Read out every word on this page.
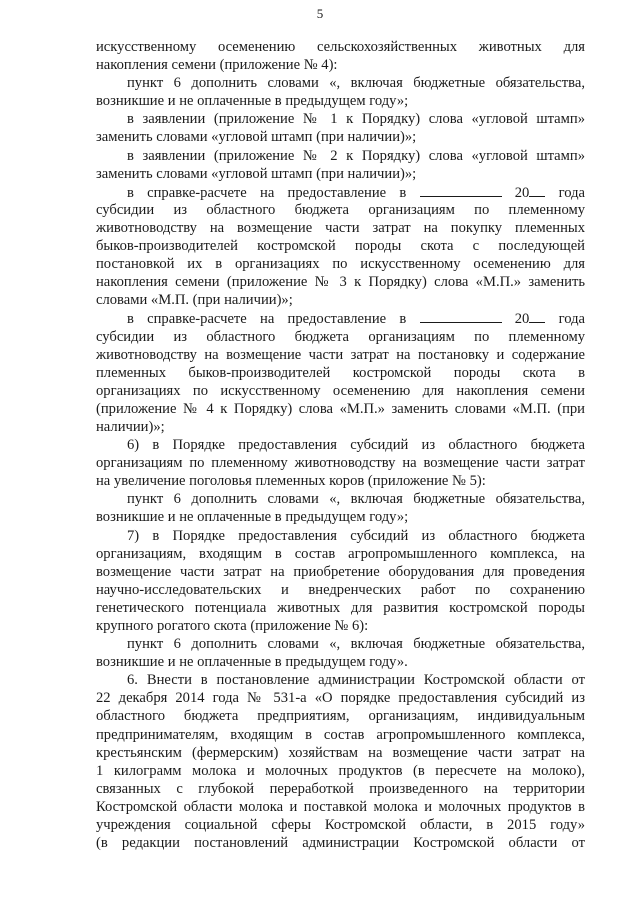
5
искусственному осеменению сельскохозяйственных животных для
накопления семени (приложение № 4):
пункт 6 дополнить словами «, включая бюджетные обязательства,
возникшие и не оплаченные в предыдущем году»;
в заявлении (приложение № 1 к Порядку) слова «угловой штамп»
заменить словами «угловой штамп (при наличии)»;
в заявлении (приложение № 2 к Порядку) слова «угловой штамп»
заменить словами «угловой штамп (при наличии)»;
в справке-расчете на предоставление в	20 года
субсидии из областного бюджета организациям по племенному
животноводству на возмещение части затрат на покупку племенных
быков-производителей костромской породы скота с последующей
постановкой их в организациях по искусственному осеменению для
накопления семени (приложение № 3 к Порядку) слова «М.П.» заменить
словами «М.П. (при наличии)»;
в справке-расчете на предоставление в	20 года
субсидии из областного бюджета организациям по племенному
животноводству на возмещение части затрат на постановку и содержание
племенных быков-производителей костромской породы скота в
организациях по искусственному осеменению для накопления семени
(приложение № 4 к Порядку) слова «М.П.» заменить словами «М.П. (при
наличии)»;
6) в Порядке предоставления субсидий из областного бюджета
организациям по племенному животноводству на возмещение части затрат
на увеличение поголовья племенных коров (приложение № 5):
пункт 6 дополнить словами «, включая бюджетные обязательства,
возникшие и не оплаченные в предыдущем году»;
7) в Порядке предоставления субсидий из областного бюджета
организациям, входящим в состав агропромышленного комплекса, на
возмещение части затрат на приобретение оборудования для проведения
научно-исследовательских и внедренческих работ по сохранению
генетического потенциала животных для развития костромской породы
крупного рогатого скота (приложение № 6):
пункт 6 дополнить словами «, включая бюджетные обязательства,
возникшие и не оплаченные в предыдущем году».
6. Внести в постановление администрации Костромской области от
22 декабря 2014 года № 531-а «О порядке предоставления субсидий из
областного бюджета предприятиям, организациям, индивидуальным
предпринимателям, входящим в состав агропромышленного комплекса,
крестьянским (фермерским) хозяйствам на возмещение части затрат на
1 килограмм молока и молочных продуктов (в пересчете на молоко),
связанных с глубокой переработкой произведенного на территории
Костромской области молока и поставкой молока и молочных продуктов в
учреждения социальной сферы Костромской области, в 2015 году»
(в редакции постановлений администрации Костромской области от
